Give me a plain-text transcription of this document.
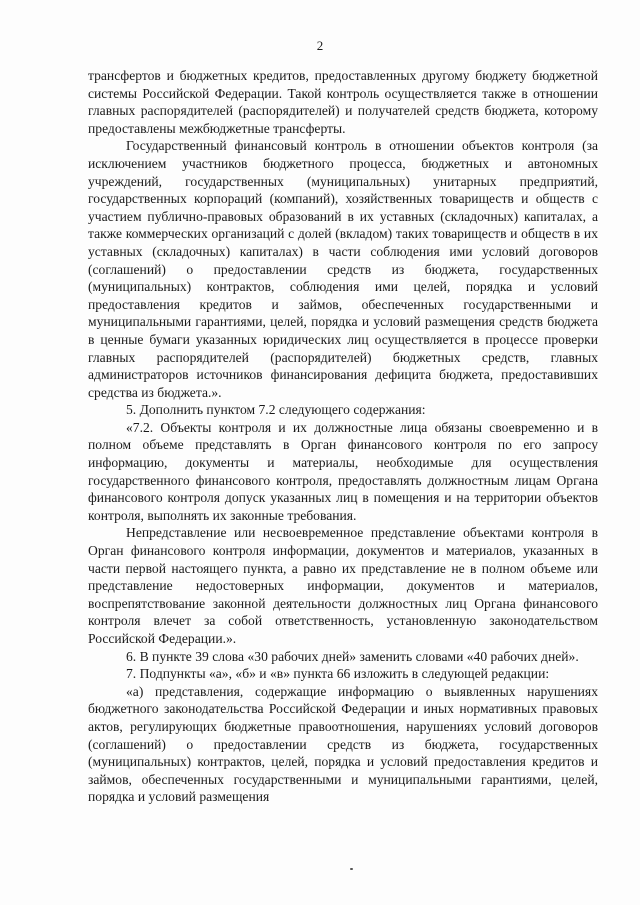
2

трансфертов и бюджетных кредитов, предоставленных другому бюджету бюджетной системы Российской Федерации. Такой контроль осуществляется также в отношении главных распорядителей (распорядителей) и получателей средств бюджета, которому предоставлены межбюджетные трансферты.

Государственный финансовый контроль в отношении объектов контроля (за исключением участников бюджетного процесса, бюджетных и автономных учреждений, государственных (муниципальных) унитарных предприятий, государственных корпораций (компаний), хозяйственных товариществ и обществ с участием публично-правовых образований в их уставных (складочных) капиталах, а также коммерческих организаций с долей (вкладом) таких товариществ и обществ в их уставных (складочных) капиталах) в части соблюдения ими условий договоров (соглашений) о предоставлении средств из бюджета, государственных (муниципальных) контрактов, соблюдения ими целей, порядка и условий предоставления кредитов и займов, обеспеченных государственными и муниципальными гарантиями, целей, порядка и условий размещения средств бюджета в ценные бумаги указанных юридических лиц осуществляется в процессе проверки главных распорядителей (распорядителей) бюджетных средств, главных администраторов источников финансирования дефицита бюджета, предоставивших средства из бюджета.».

5. Дополнить пунктом 7.2 следующего содержания:

«7.2. Объекты контроля и их должностные лица обязаны своевременно и в полном объеме представлять в Орган финансового контроля по его запросу информацию, документы и материалы, необходимые для осуществления государственного финансового контроля, предоставлять должностным лицам Органа финансового контроля допуск указанных лиц в помещения и на территории объектов контроля, выполнять их законные требования.

Непредставление или несвоевременное представление объектами контроля в Орган финансового контроля информации, документов и материалов, указанных в части первой настоящего пункта, а равно их представление не в полном объеме или представление недостоверных информации, документов и материалов, воспрепятствование законной деятельности должностных лиц Органа финансового контроля влечет за собой ответственность, установленную законодательством Российской Федерации.».

6. В пункте 39 слова «30 рабочих дней» заменить словами «40 рабочих дней».

7. Подпункты «а», «б» и «в» пункта 66 изложить в следующей редакции:

«а) представления, содержащие информацию о выявленных нарушениях бюджетного законодательства Российской Федерации и иных нормативных правовых актов, регулирующих бюджетные правоотношения, нарушениях условий договоров (соглашений) о предоставлении средств из бюджета, государственных (муниципальных) контрактов, целей, порядка и условий предоставления кредитов и займов, обеспеченных государственными и муниципальными гарантиями, целей, порядка и условий размещения
